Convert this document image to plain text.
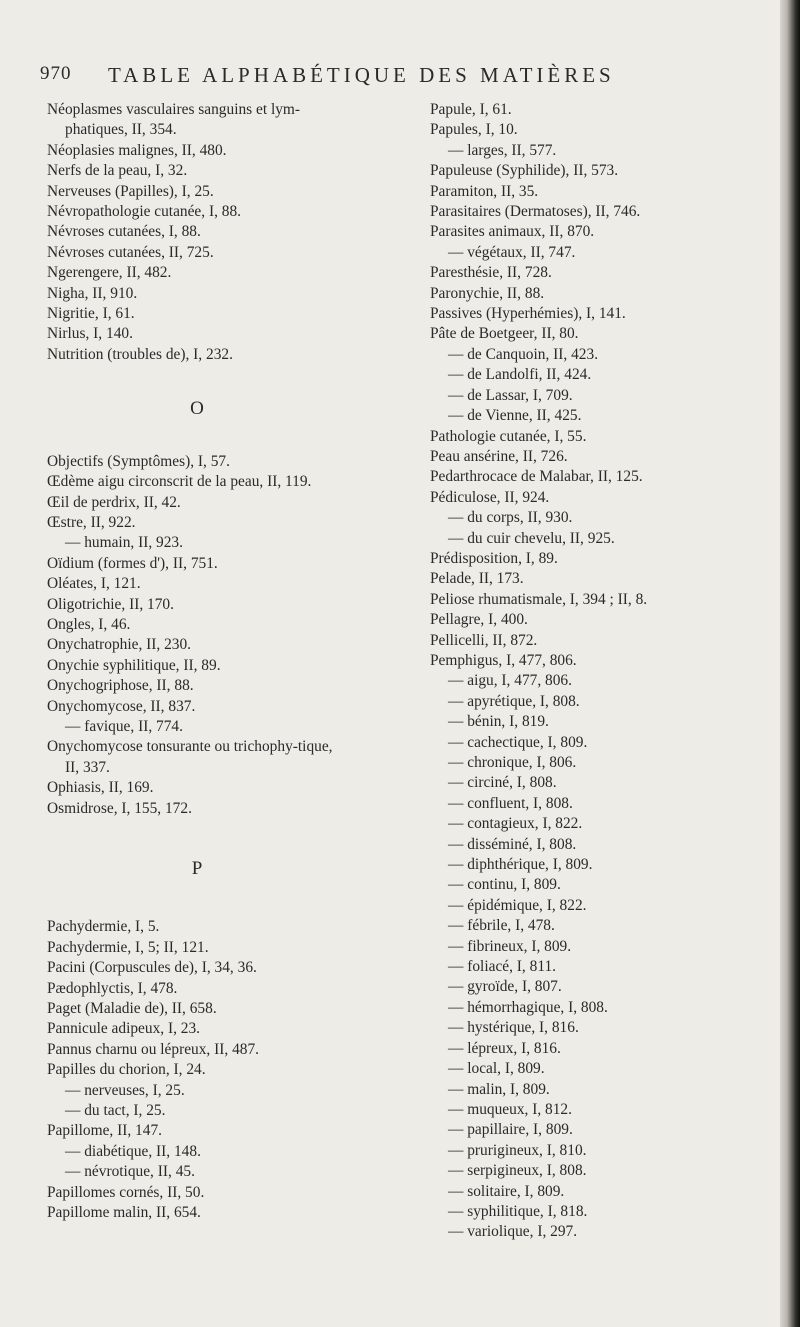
970 TABLE ALPHABÉTIQUE DES MATIÈRES
Néoplasmes vasculaires sanguins et lym-phatiques, II, 354.
Néoplasies malignes, II, 480.
Nerfs de la peau, I, 32.
Nerveuses (Papilles), I, 25.
Névropathologie cutanée, I, 88.
Névroses cutanées, I, 88.
Névroses cutanées, II, 725.
Ngerengere, II, 482.
Nigha, II, 910.
Nigritie, I, 61.
Nirlus, I, 140.
Nutrition (troubles de), I, 232.
O
Objectifs (Symptômes), I, 57.
Œdème aigu circonscrit de la peau, II, 119.
Œil de perdrix, II, 42.
Œstre, II, 922.
— humain, II, 923.
Oïdium (formes d'), II, 751.
Oléates, I, 121.
Oligotrichie, II, 170.
Ongles, I, 46.
Onychatrophie, II, 230.
Onychie syphilitique, II, 89.
Onychogriphose, II, 88.
Onychomycose, II, 837.
— favique, II, 774.
Onychomycose tonsurante ou trichophy-tique, II, 337.
Ophiasis, II, 169.
Osmidrose, I, 155, 172.
P
Pachydermie, I, 5.
Pachydermie, I, 5; II, 121.
Pacini (Corpuscules de), I, 34, 36.
Pædophlyctis, I, 478.
Paget (Maladie de), II, 658.
Pannicule adipeux, I, 23.
Pannus charnu ou lépreux, II, 487.
Papilles du chorion, I, 24.
— nerveuses, I, 25.
— du tact, I, 25.
Papillome, II, 147.
— diabétique, II, 148.
— névrotique, II, 45.
Papillomes cornés, II, 50.
Papillome malin, II, 654.
Papule, I, 61.
Papules, I, 10.
— larges, II, 577.
Papuleuse (Syphilide), II, 573.
Paramiton, II, 35.
Parasitaires (Dermatoses), II, 746.
Parasites animaux, II, 870.
— végétaux, II, 747.
Paresthésie, II, 728.
Paronychie, II, 88.
Passives (Hyperhémies), I, 141.
Pâte de Boetgeer, II, 80.
— de Canquoin, II, 423.
— de Landolfi, II, 424.
— de Lassar, I, 709.
— de Vienne, II, 425.
Pathologie cutanée, I, 55.
Peau ansérine, II, 726.
Pedarthrocace de Malabar, II, 125.
Pédiculose, II, 924.
— du corps, II, 930.
— du cuir chevelu, II, 925.
Prédisposition, I, 89.
Pelade, II, 173.
Peliose rhumatismale, I, 394 ; II, 8.
Pellagre, I, 400.
Pellicelli, II, 872.
Pemphigus, I, 477, 806.
— aigu, I, 477, 806.
— apyrétique, I, 808.
— bénin, I, 819.
— cachectique, I, 809.
— chronique, I, 806.
— circiné, I, 808.
— confluent, I, 808.
— contagieux, I, 822.
— disséminé, I, 808.
— diphthérique, I, 809.
— continu, I, 809.
— épidémique, I, 822.
— fébrile, I, 478.
— fibrineux, I, 809.
— foliacé, I, 811.
— gyroïde, I, 807.
— hémorrhagique, I, 808.
— hystérique, I, 816.
— lépreux, I, 816.
— local, I, 809.
— malin, I, 809.
— muqueux, I, 812.
— papillaire, I, 809.
— prurigineux, I, 810.
— serpigineux, I, 808.
— solitaire, I, 809.
— syphilitique, I, 818.
— variolique, I, 297.
